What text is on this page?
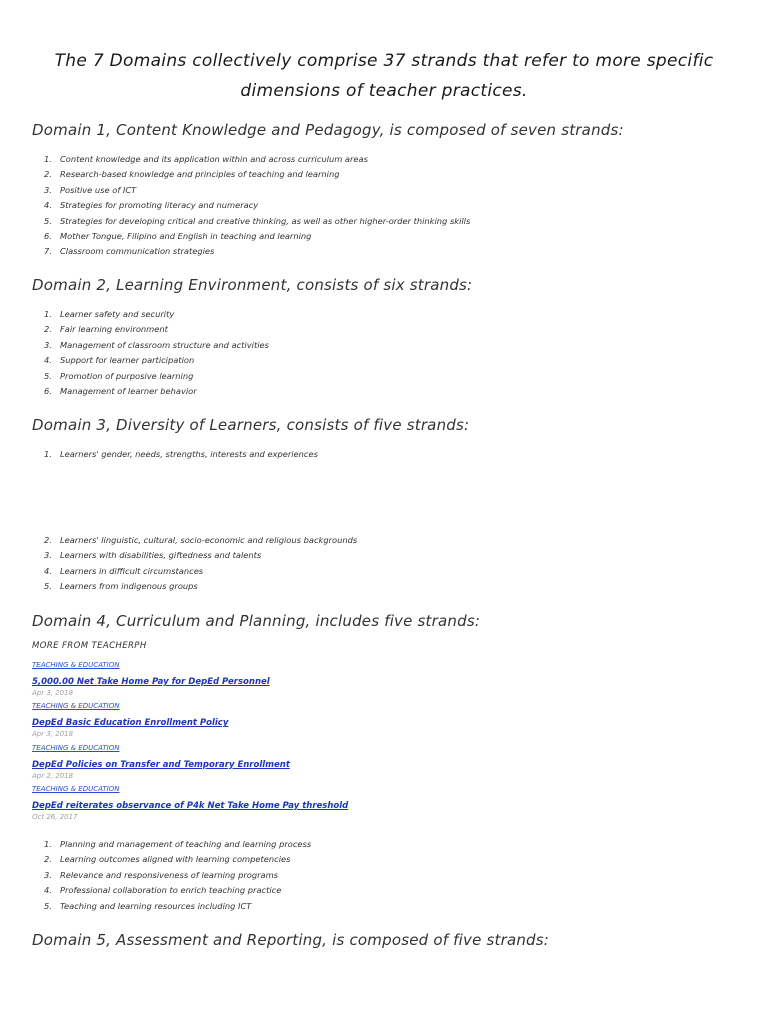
The 7 Domains collectively comprise 37 strands that refer to more specific dimensions of teacher practices.

Domain 1, Content Knowledge and Pedagogy, is composed of seven strands:
1. Content knowledge and its application within and across curriculum areas
2. Research-based knowledge and principles of teaching and learning
3. Positive use of ICT
4. Strategies for promoting literacy and numeracy
5. Strategies for developing critical and creative thinking, as well as other higher-order thinking skills
6. Mother Tongue, Filipino and English in teaching and learning
7. Classroom communication strategies
Domain 2, Learning Environment, consists of six strands:
1. Learner safety and security
2. Fair learning environment
3. Management of classroom structure and activities
4. Support for learner participation
5. Promotion of purposive learning
6. Management of learner behavior
Domain 3, Diversity of Learners, consists of five strands:
1. Learners' gender, needs, strengths, interests and experiences
2. Learners' linguistic, cultural, socio-economic and religious backgrounds
3. Learners with disabilities, giftedness and talents
4. Learners in difficult circumstances
5. Learners from indigenous groups
Domain 4, Curriculum and Planning, includes five strands:
MORE FROM TEACHERPH
TEACHING & EDUCATION
5,000.00 Net Take Home Pay for DepEd Personnel
Apr 3, 2018
TEACHING & EDUCATION
DepEd Basic Education Enrollment Policy
Apr 3, 2018
TEACHING & EDUCATION
DepEd Policies on Transfer and Temporary Enrollment
Apr 2, 2018
TEACHING & EDUCATION
DepEd reiterates observance of P4k Net Take Home Pay threshold
Oct 26, 2017
1. Planning and management of teaching and learning process
2. Learning outcomes aligned with learning competencies
3. Relevance and responsiveness of learning programs
4. Professional collaboration to enrich teaching practice
5. Teaching and learning resources including ICT
Domain 5, Assessment and Reporting, is composed of five strands:
